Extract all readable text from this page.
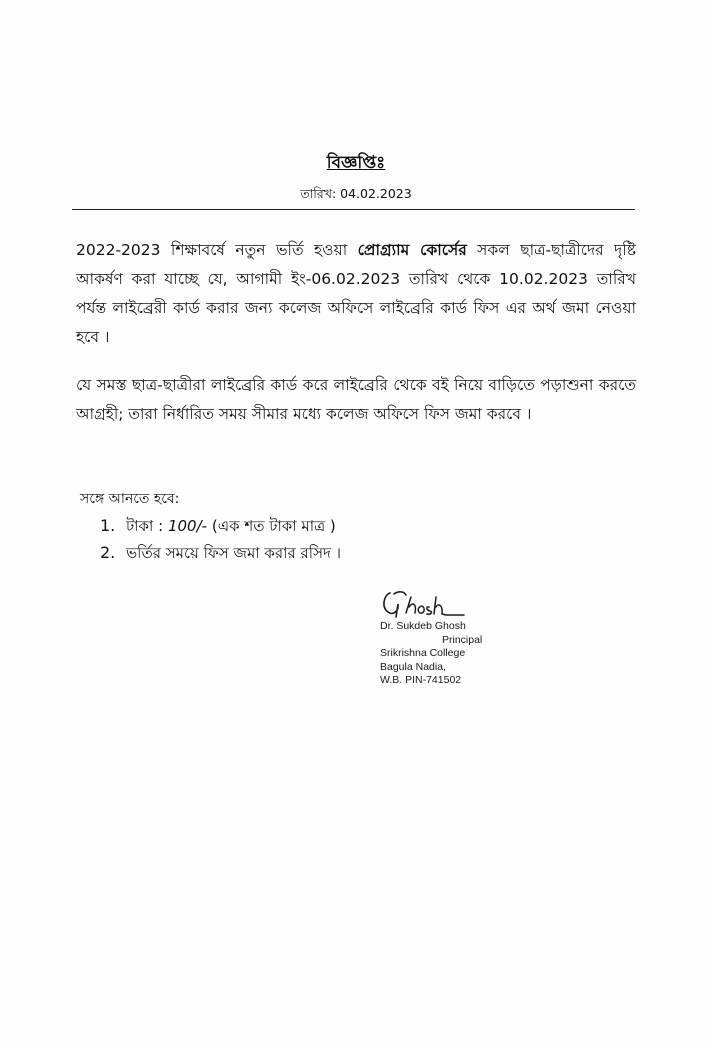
বিজ্ঞপ্তিঃ
তারিখ: 04.02.2023

2022-2023 শিক্ষাবর্ষে নতুন ভর্তি হওয়া প্রোগ্র্যাম কোর্সের সকল ছাত্র-ছাত্রীদের দৃষ্টি আকর্ষণ করা যাচ্ছে যে, আগামী ইং-06.02.2023 তারিখ থেকে 10.02.2023 তারিখ পর্যন্ত লাইব্রেরী কার্ড করার জন্য কলেজ অফিসে লাইব্রেরি কার্ড ফিস এর অর্থ জমা নেওয়া হবে ।

যে সমস্ত ছাত্র-ছাত্রীরা লাইব্রেরি কার্ড করে লাইব্রেরি থেকে বই নিয়ে বাড়িতে পড়াশুনা করতে আগ্রহী; তারা নির্ধারিত সময় সীমার মধ্যে কলেজ অফিসে ফিস জমা করবে ।

সঙ্গে আনতে হবে:
1. টাকা : 100/- (এক শত টাকা মাত্র )
2. ভর্তির সময়ে ফিস জমা করার রসিদ ।
Dr. Sukdeb Ghosh
Principal
Srikrishna College
Bagula Nadia,
W.B. PIN-741502
